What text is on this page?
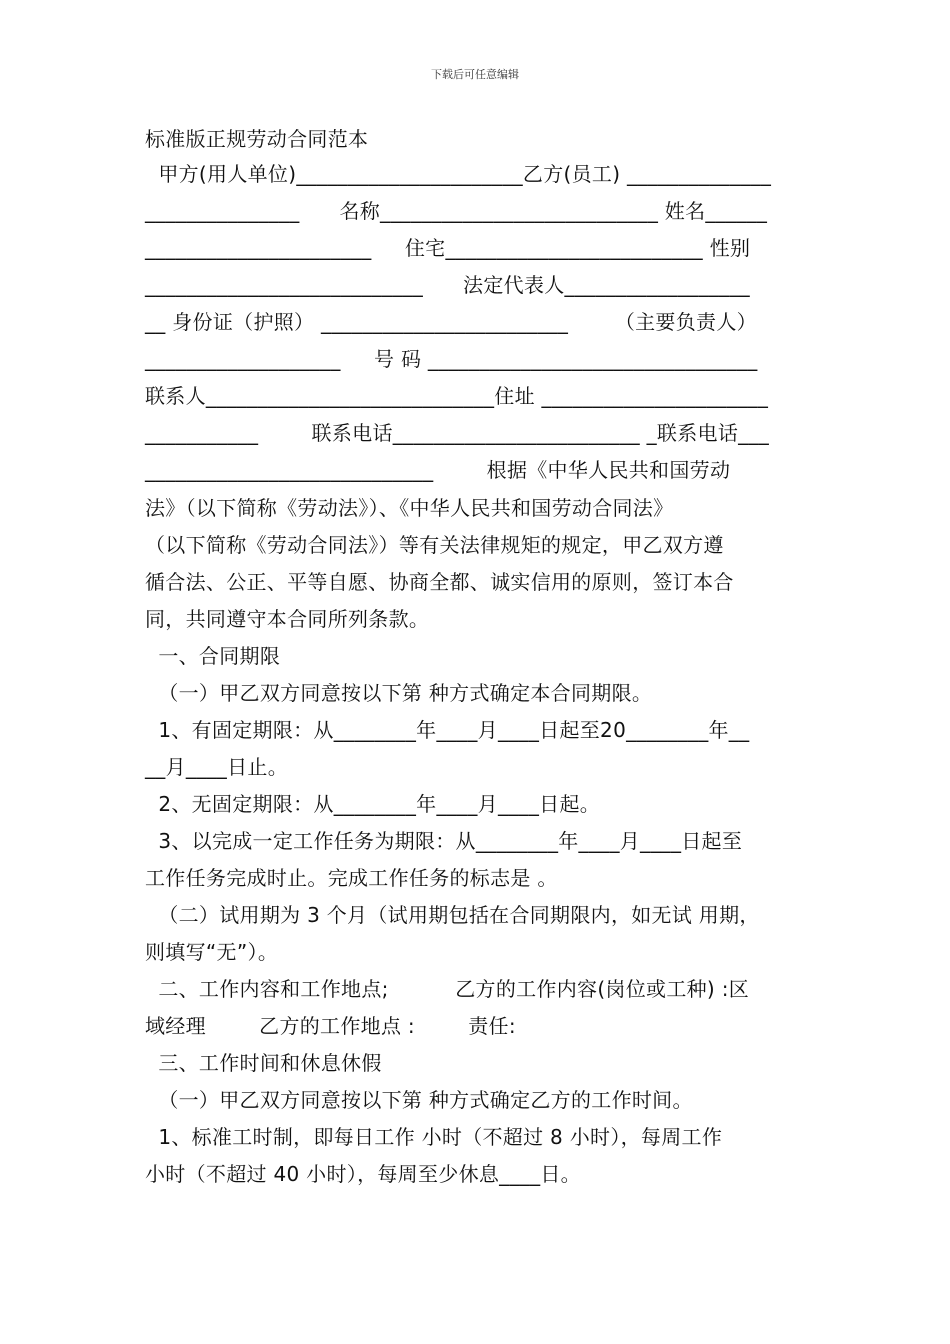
下载后可任意编辑
标准版正规劳动合同范本
甲方(用人单位)______________________乙方(员工) ______________
_______________      名称___________________________ 姓名______
______________________     住宅_________________________ 性别
___________________________      法定代表人__________________
__ 身份证（护照） ________________________       （主要负责人）
___________________     号 码 ________________________________
联系人____________________________住址 ______________________
___________        联系电话________________________ _联系电话___
____________________________        根据《中华人民共和国劳动
法》（以下简称《劳动法》）、《中华人民共和国劳动合同法》
（以下简称《劳动合同法》）等有关法律规矩的规定，甲乙双方遵
循合法、公正、平等自愿、协商全都、诚实信用的原则，签订本合
同，共同遵守本合同所列条款。
一、合同期限
（一）甲乙双方同意按以下第 种方式确定本合同期限。
1、有固定期限：从________年____月____日起至20________年__
__月____日止。
2、无固定期限：从________年____月____日起。
3、以完成一定工作任务为期限：从________年____月____日起至
工作任务完成时止。完成工作任务的标志是 。
（二）试用期为 3 个月（试用期包括在合同期限内，如无试 用期，
则填写“无”）。
二、工作内容和工作地点;          乙方的工作内容(岗位或工种) :区
域经理        乙方的工作地点 :        责任:
三、工作时间和休息休假
（一）甲乙双方同意按以下第 种方式确定乙方的工作时间。
1、标准工时制，即每日工作 小时（不超过 8 小时），每周工作
小时（不超过 40 小时），每周至少休息____日。
